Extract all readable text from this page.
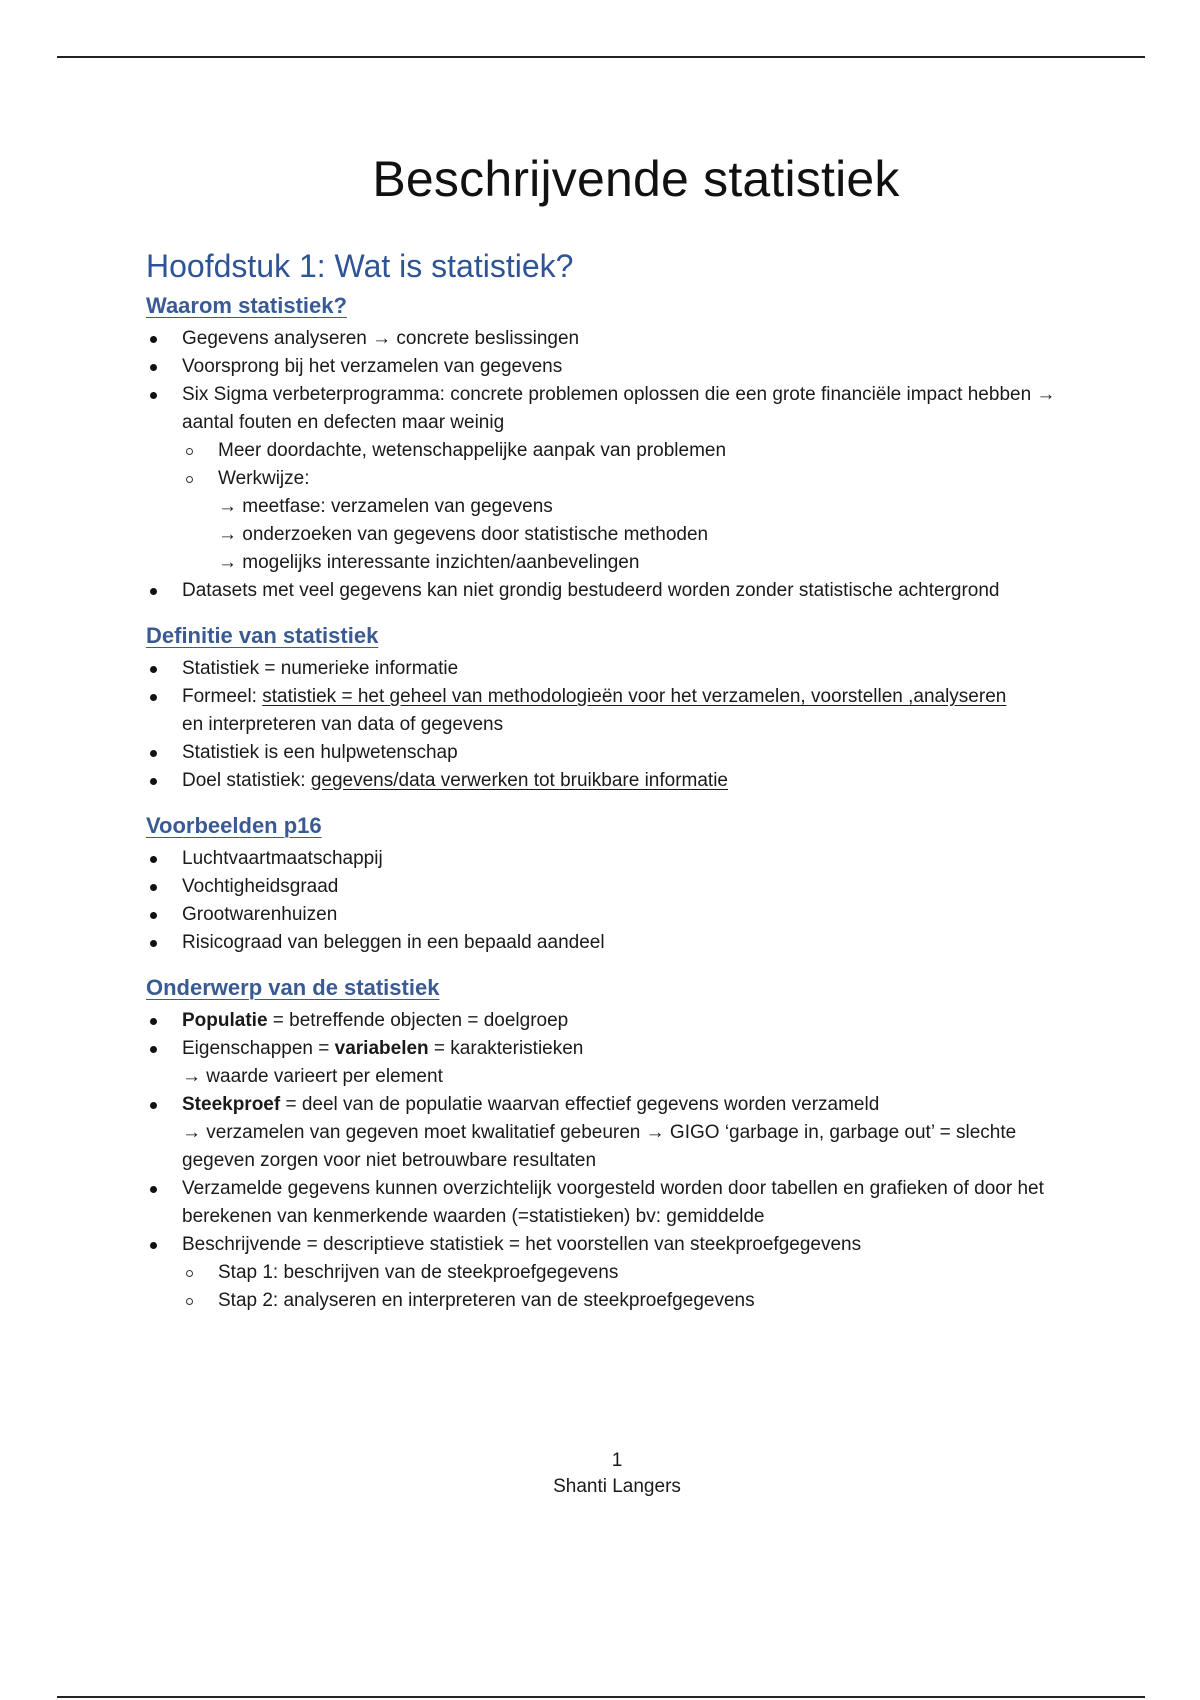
Beschrijvende statistiek
Hoofdstuk 1: Wat is statistiek?
Waarom statistiek?
Gegevens analyseren → concrete beslissingen
Voorsprong bij het verzamelen van gegevens
Six Sigma verbeterprogramma: concrete problemen oplossen die een grote financiële impact hebben → aantal fouten en defecten maar weinig
Meer doordachte, wetenschappelijke aanpak van problemen
Werkwijze:
→ meetfase: verzamelen van gegevens
→ onderzoeken van gegevens door statistische methoden
→ mogelijks interessante inzichten/aanbevelingen
Datasets met veel gegevens kan niet grondig bestudeerd worden zonder statistische achtergrond
Definitie van statistiek
Statistiek = numerieke informatie
Formeel: statistiek = het geheel van methodologieën voor het verzamelen, voorstellen ,analyseren
en interpreteren van data of gegevens
Statistiek is een hulpwetenschap
Doel statistiek: gegevens/data verwerken tot bruikbare informatie
Voorbeelden p16
Luchtvaartmaatschappij
Vochtigheidsgraad
Grootwarenhuizen
Risicograad van beleggen in een bepaald aandeel
Onderwerp van de statistiek
Populatie = betreffende objecten = doelgroep
Eigenschappen = variabelen = karakteristieken
→ waarde varieert per element
Steekproef = deel van de populatie waarvan effectief gegevens worden verzameld
→ verzamelen van gegeven moet kwalitatief gebeuren → GIGO ‘garbage in, garbage out’ = slechte gegeven zorgen voor niet betrouwbare resultaten
Verzamelde gegevens kunnen overzichtelijk voorgesteld worden door tabellen en grafieken of door het berekenen van kenmerkende waarden (=statistieken) bv: gemiddelde
Beschrijvende = descriptieve statistiek = het voorstellen van steekproefgegevens
Stap 1: beschrijven van de steekproefgegevens
Stap 2: analyseren en interpreteren van de steekproefgegevens
1
Shanti Langers
